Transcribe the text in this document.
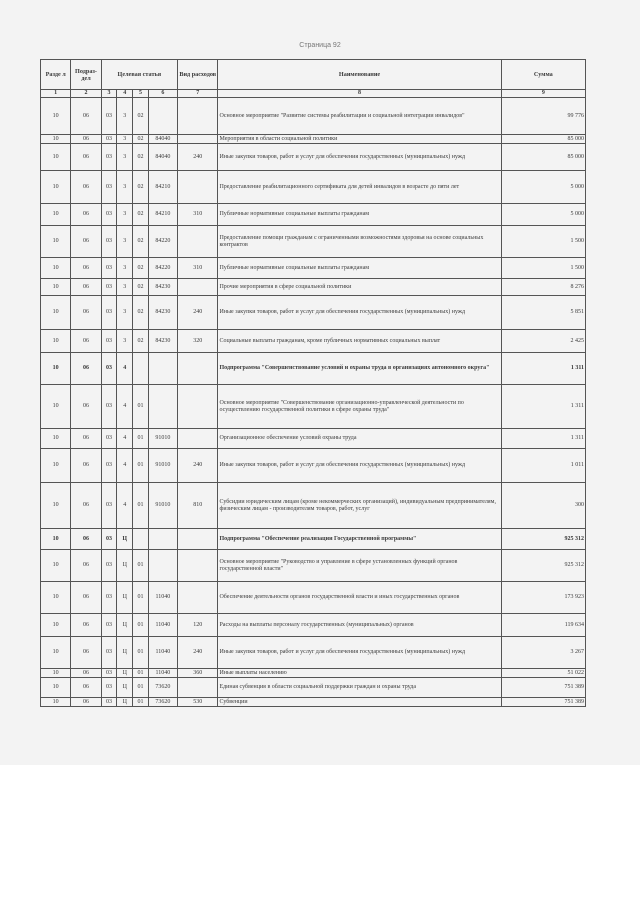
Страница 92
Разде л	Подраз-дел	Целевая статья				Вид расходов	Наименование	Сумма
1	2	3	4	5	6	7	8	9
10	06	03	3	02			Основное мероприятие "Развитие системы реабилитации и социальной интеграции инвалидов"	99 776
10	06	03	3	02	84040		Мероприятия в области социальной политики	85 000
10	06	03	3	02	84040	240	Иные закупки товаров, работ и услуг для обеспечения государственных (муниципальных) нужд	85 000
10	06	03	3	02	84210		Предоставление реабилитационного сертификата для детей инвалидов в возрасте до пяти лет	5 000
10	06	03	3	02	84210	310	Публичные нормативные социальные выплаты гражданам	5 000
10	06	03	3	02	84220		Предоставление помощи гражданам с ограниченными возможностями здоровья на основе социальных контрактов	1 500
10	06	03	3	02	84220	310	Публичные нормативные социальные выплаты гражданам	1 500
10	06	03	3	02	84230		Прочие мероприятия в сфере социальной политики	8 276
10	06	03	3	02	84230	240	Иные закупки товаров, работ и услуг для обеспечения государственных (муниципальных) нужд	5 851
10	06	03	3	02	84230	320	Социальные выплаты гражданам, кроме публичных нормативных социальных выплат	2 425
10	06	03	4				Подпрограмма "Совершенствование условий и охраны труда в организациях автономного округа"	1 311
10	06	03	4	01			Основное мероприятие "Совершенствование организационно-управленческой деятельности по осуществлению государственной политики в сфере охраны труда"	1 311
10	06	03	4	01	91010		Организационное обеспечение условий охраны труда	1 311
10	06	03	4	01	91010	240	Иные закупки товаров, работ и услуг для обеспечения государственных (муниципальных) нужд	1 011
10	06	03	4	01	91010	810	Субсидии юридическим лицам (кроме некоммерческих организаций), индивидуальным предпринимателям, физическим лицам - производителям товаров, работ, услуг	300
10	06	03	Ц				Подпрограмма "Обеспечение реализации Государственной программы"	925 312
10	06	03	Ц	01			Основное мероприятие "Руководство и управление в сфере установленных функций органов государственной власти"	925 312
10	06	03	Ц	01	11040		Обеспечение деятельности органов государственной власти и иных государственных органов	173 923
10	06	03	Ц	01	11040	120	Расходы на выплаты персоналу государственных (муниципальных) органов	119 634
10	06	03	Ц	01	11040	240	Иные закупки товаров, работ и услуг для обеспечения государственных (муниципальных) нужд	3 267
10	06	03	Ц	01	11040	360	Иные выплаты населению	51 022
10	06	03	Ц	01	73620		Единая субвенция в области социальной поддержки граждан и охраны труда	751 389
10	06	03	Ц	01	73620	530	Субвенции	751 389
